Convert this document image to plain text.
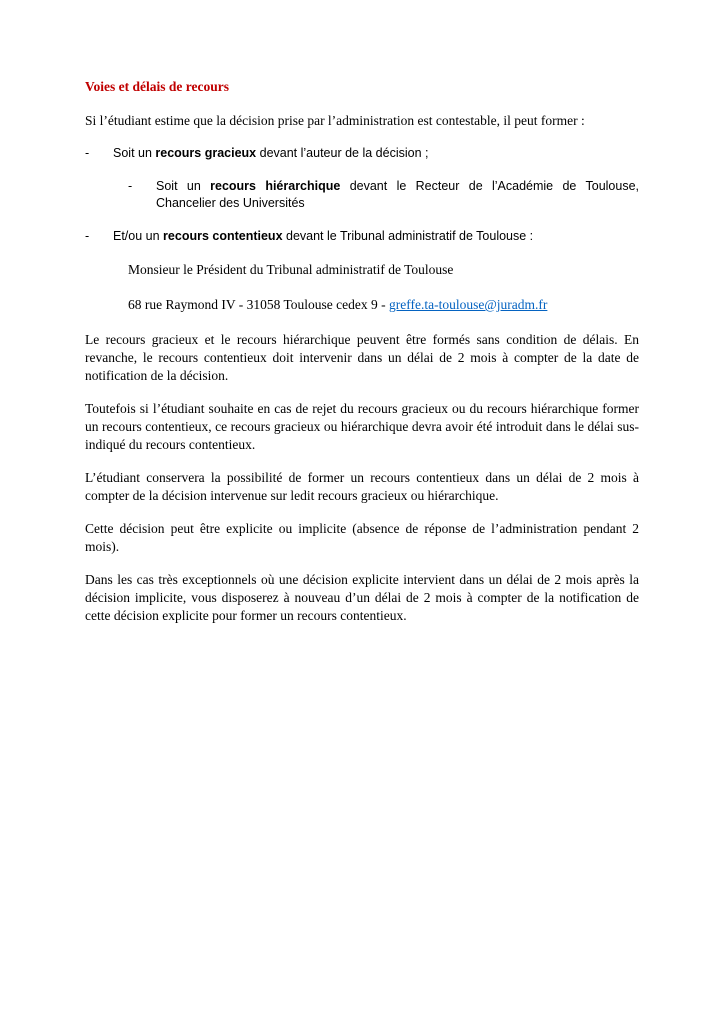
Voies et délais de recours

Si l’étudiant estime que la décision prise par l’administration est contestable, il peut former :

-	Soit un recours gracieux devant l’auteur de la décision ;
-	Soit un recours hiérarchique devant le Recteur de l’Académie de Toulouse, Chancelier des Universités
-	Et/ou un recours contentieux devant le Tribunal administratif de Toulouse :

Monsieur le Président du Tribunal administratif de Toulouse

68 rue Raymond IV - 31058 Toulouse cedex 9 - greffe.ta-toulouse@juradm.fr

Le recours gracieux et le recours hiérarchique peuvent être formés sans condition de délais. En revanche, le recours contentieux doit intervenir dans un délai de 2 mois à compter de la date de notification de la décision.

Toutefois si l’étudiant souhaite en cas de rejet du recours gracieux ou du recours hiérarchique former un recours contentieux, ce recours gracieux ou hiérarchique devra avoir été introduit dans le délai sus-indiqué du recours contentieux.

L’étudiant conservera la possibilité de former un recours contentieux dans un délai de 2 mois à compter de la décision intervenue sur ledit recours gracieux ou hiérarchique.

Cette décision peut être explicite ou implicite (absence de réponse de l’administration pendant 2 mois).

Dans les cas très exceptionnels où une décision explicite intervient dans un délai de 2 mois après la décision implicite, vous disposerez à nouveau d’un délai de 2 mois à compter de la notification de cette décision explicite pour former un recours contentieux.
